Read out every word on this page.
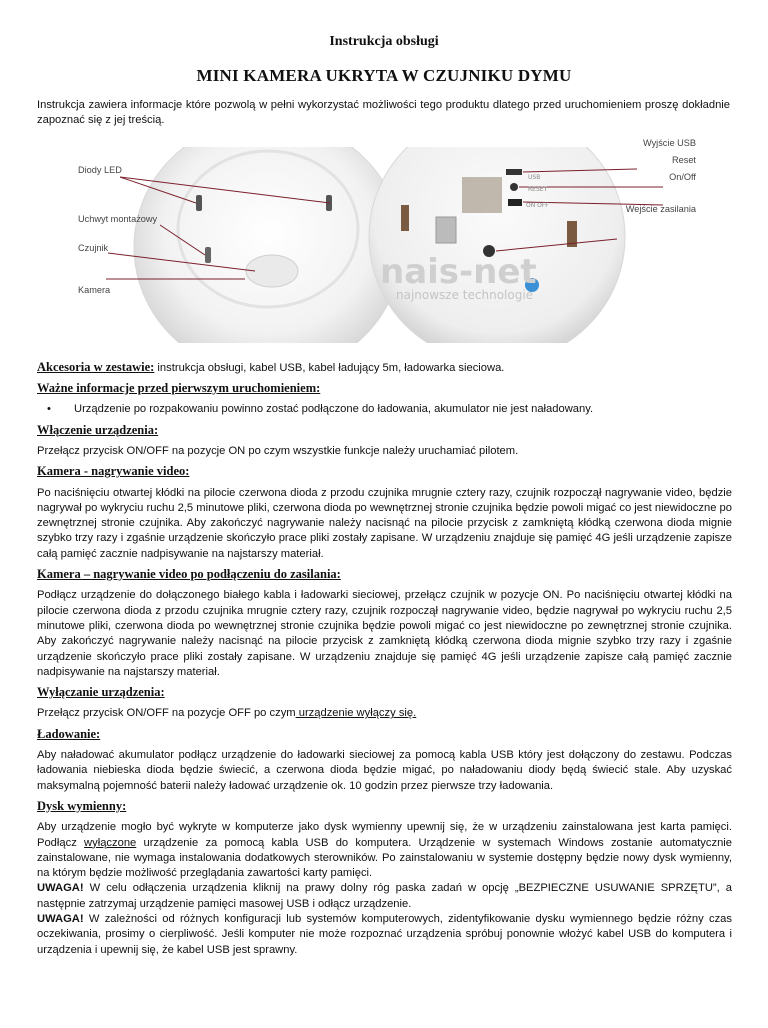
Instrukcja obsługi
MINI KAMERA UKRYTA W CZUJNIKU DYMU

Instrukcja zawiera informacje które pozwolą w pełni wykorzystać możliwości tego produktu dlatego przed uruchomieniem proszę dokładnie zapoznać się z jej treścią.

nais-net
najnowsze technologie
USB
RESET
ON OFF
Diody LED
Uchwyt montażowy
Czujnik
Kamera
Wyjście USB
Reset
On/Off
Wejście zasilania
Akcesoria w zestawie: instrukcja obsługi, kabel USB, kabel ładujący 5m, ładowarka sieciowa.
Ważne informacje przed pierwszym uruchomieniem:
•	Urządzenie po rozpakowaniu powinno zostać podłączone do ładowania, akumulator nie jest naładowany.
Włączenie urządzenia:

Przełącz przycisk ON/OFF na pozycje ON po czym wszystkie funkcje należy uruchamiać pilotem.

Kamera - nagrywanie video:

Po naciśnięciu otwartej kłódki na pilocie czerwona dioda z przodu czujnika mrugnie cztery razy, czujnik rozpoczął nagrywanie video, będzie nagrywał po wykryciu ruchu 2,5 minutowe pliki, czerwona dioda po wewnętrznej stronie czujnika będzie powoli migać co jest niewidoczne po zewnętrznej stronie czujnika. Aby zakończyć nagrywanie należy nacisnąć na pilocie przycisk z zamkniętą kłódką czerwona dioda mignie szybko trzy razy i zgaśnie urządzenie skończyło prace pliki zostały zapisane. W urządzeniu znajduje się pamięć 4G jeśli urządzenie zapisze całą pamięć zacznie nadpisywanie na najstarszy materiał.

Kamera – nagrywanie video po podłączeniu do zasilania:

Podłącz urządzenie do dołączonego białego kabla i ładowarki sieciowej, przełącz czujnik w pozycje ON. Po naciśnięciu otwartej kłódki na pilocie czerwona dioda z przodu czujnika mrugnie cztery razy, czujnik rozpoczął nagrywanie video, będzie nagrywał po wykryciu ruchu 2,5 minutowe pliki, czerwona dioda po wewnętrznej stronie czujnika będzie powoli migać co jest niewidoczne po zewnętrznej stronie czujnika. Aby zakończyć nagrywanie należy nacisnąć na pilocie przycisk z zamkniętą kłódką czerwona dioda mignie szybko trzy razy i zgaśnie urządzenie skończyło prace pliki zostały zapisane. W urządzeniu znajduje się pamięć 4G jeśli urządzenie zapisze całą pamięć zacznie nadpisywanie na najstarszy materiał.

Wyłączanie urządzenia:

Przełącz przycisk ON/OFF na pozycje OFF po czym urządzenie wyłączy się.

Ładowanie:

Aby naładować akumulator podłącz urządzenie do ładowarki sieciowej za pomocą kabla USB który jest dołączony do zestawu. Podczas ładowania niebieska dioda będzie świecić, a czerwona dioda będzie migać, po naładowaniu diody będą świecić stale. Aby uzyskać maksymalną pojemność baterii należy ładować urządzenie ok. 10 godzin przez pierwsze trzy ładowania.

Dysk wymienny:

Aby urządzenie mogło być wykryte w komputerze jako dysk wymienny upewnij się, że w urządzeniu zainstalowana jest karta pamięci. Podłącz wyłączone urządzenie za pomocą kabla USB do komputera. Urządzenie w systemach Windows zostanie automatycznie zainstalowane, nie wymaga instalowania dodatkowych sterowników. Po zainstalowaniu w systemie dostępny będzie nowy dysk wymienny, na którym będzie możliwość przeglądania zawartości karty pamięci.
UWAGA! W celu odłączenia urządzenia kliknij na prawy dolny róg paska zadań w opcję „BEZPIECZNE USUWANIE SPRZĘTU”, a następnie zatrzymaj urządzenie pamięci masowej USB i odłącz urządzenie.
UWAGA! W zależności od różnych konfiguracji lub systemów komputerowych, zidentyfikowanie dysku wymiennego będzie różny czas oczekiwania, prosimy o cierpliwość. Jeśli komputer nie może rozpoznać urządzenia spróbuj ponownie włożyć kabel USB do komputera i urządzenia i upewnij się, że kabel USB jest sprawny.
